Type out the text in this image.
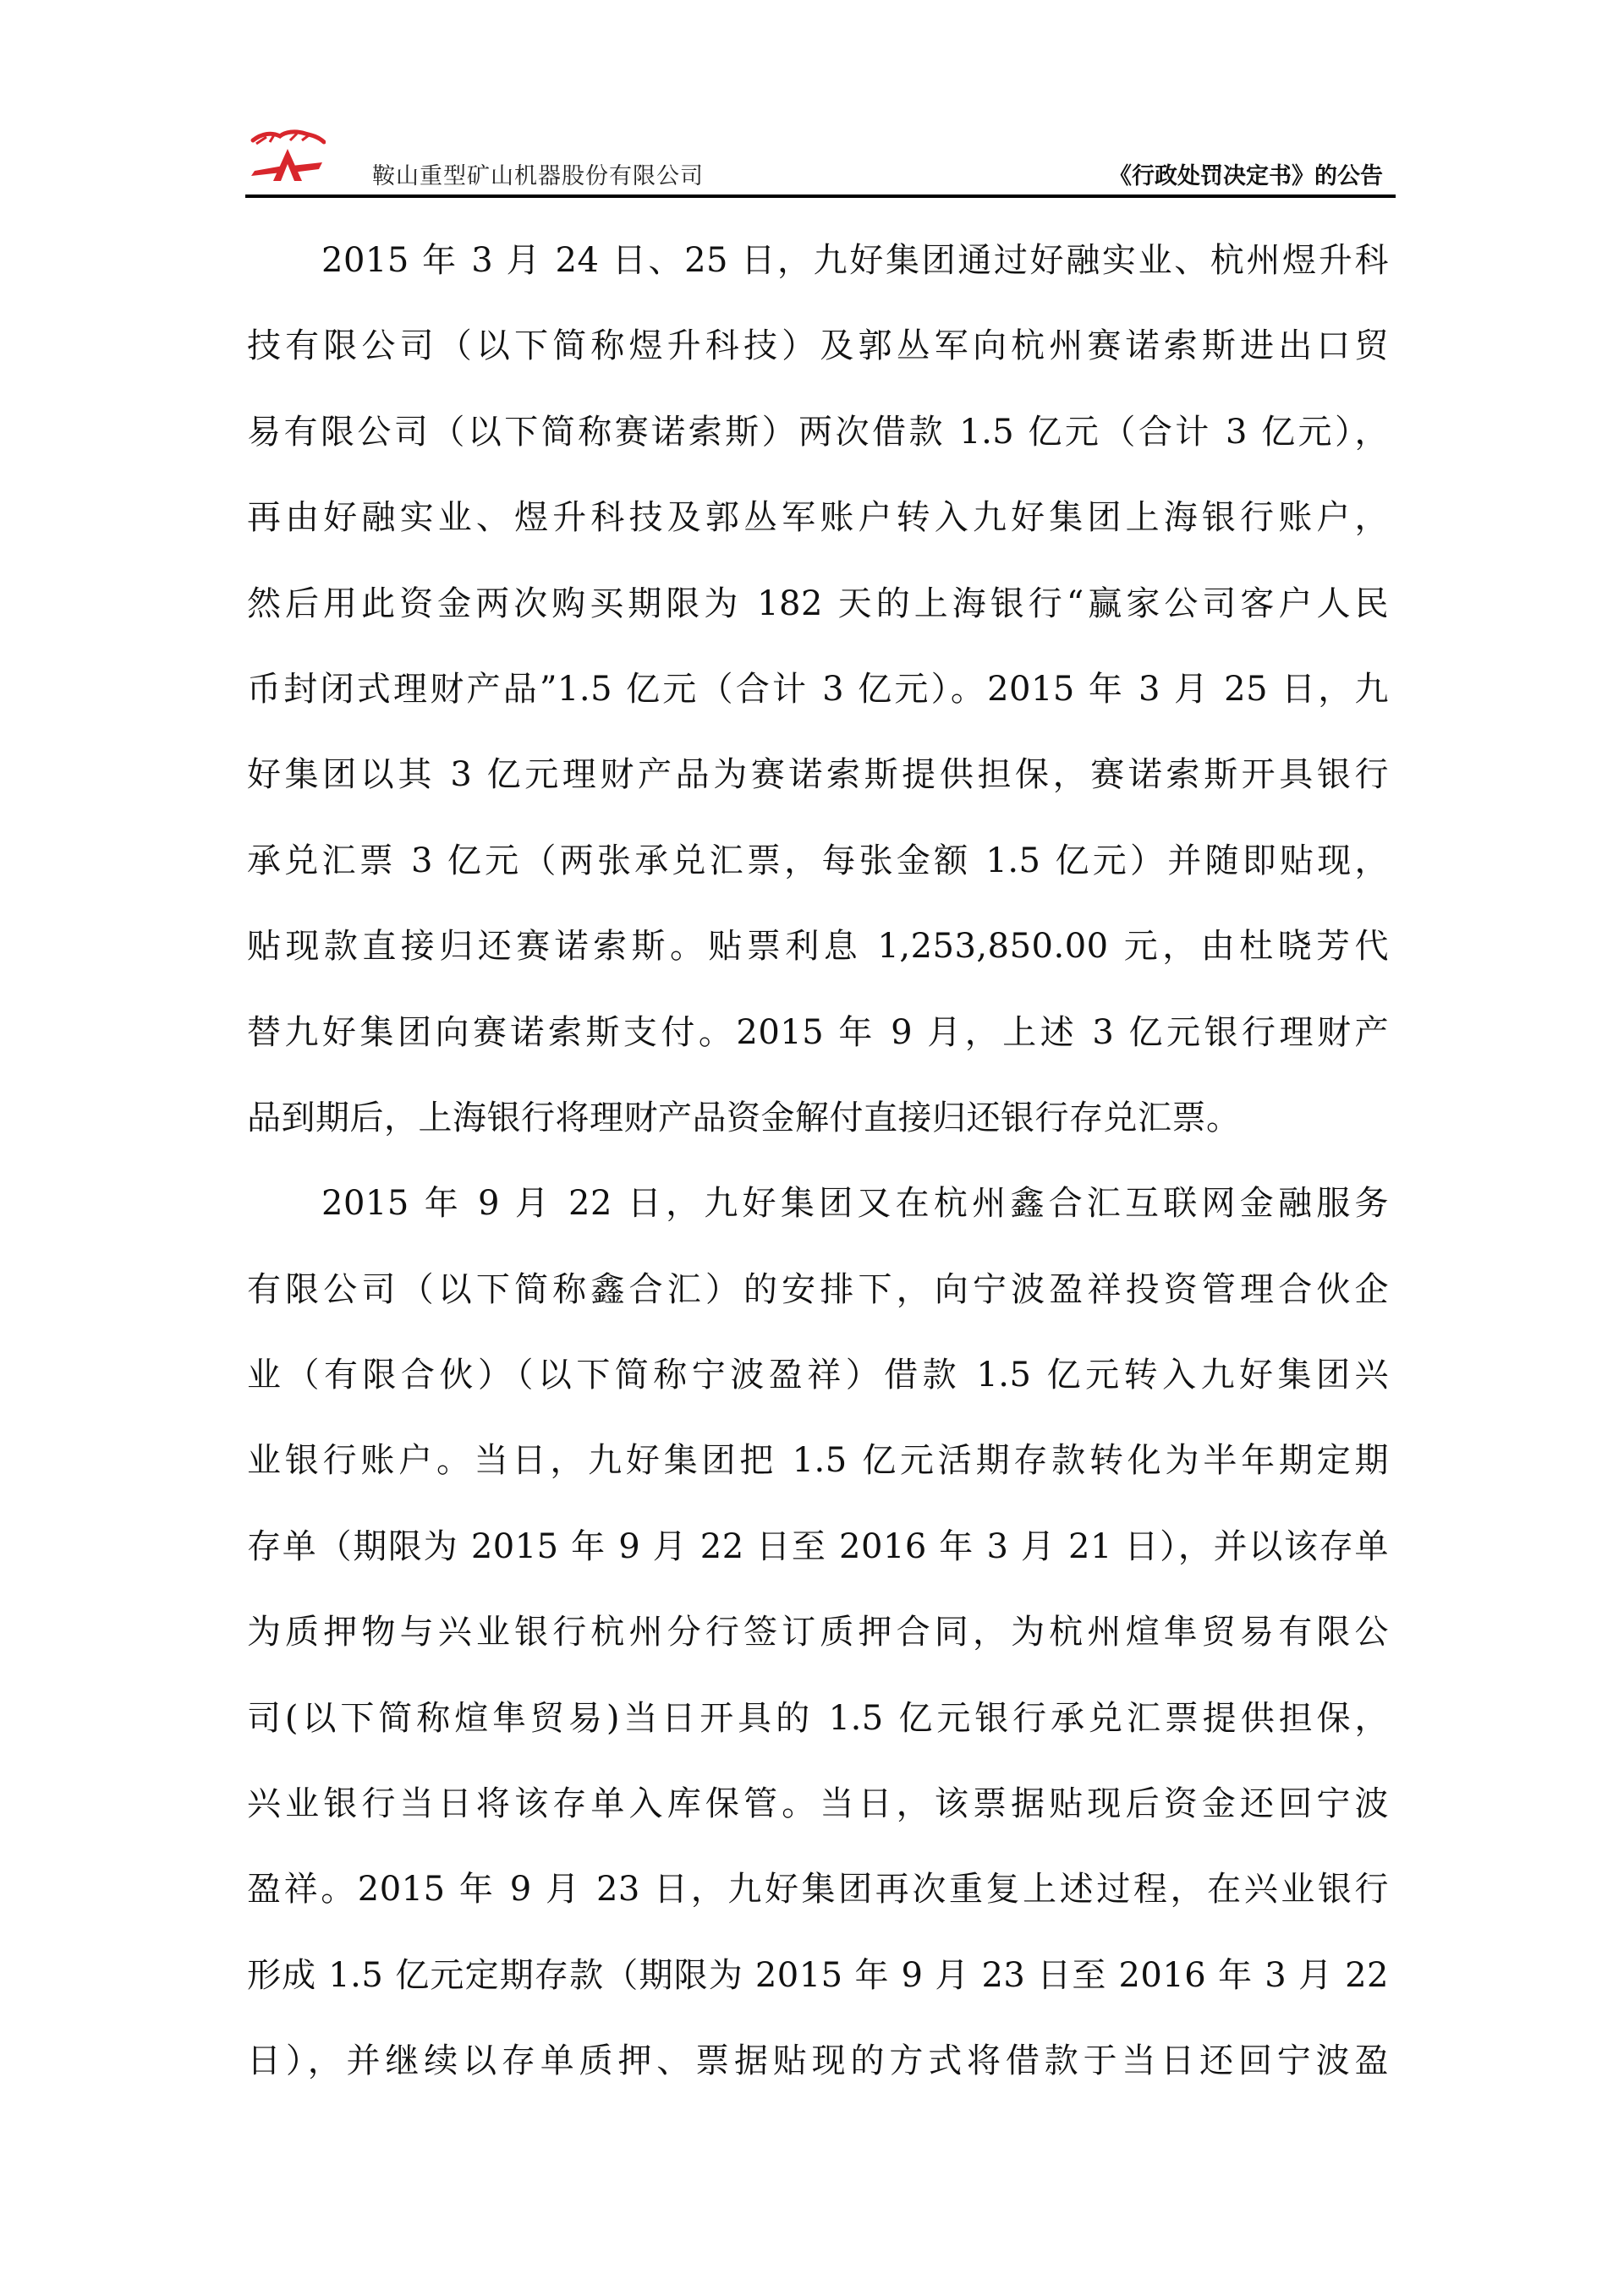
鞍山重型矿山机器股份有限公司	《行政处罚决定书》的公告
2015 年 3 月 24 日、25 日，九好集团通过好融实业、杭州煜升科
技有限公司（以下简称煜升科技）及郭丛军向杭州赛诺索斯进出口贸
易有限公司（以下简称赛诺索斯）两次借款 1.5 亿元（合计 3 亿元），
再由好融实业、煜升科技及郭丛军账户转入九好集团上海银行账户，
然后用此资金两次购买期限为 182 天的上海银行“赢家公司客户人民
币封闭式理财产品”1.5 亿元（合计 3 亿元）。2015 年 3 月 25 日，九
好集团以其 3 亿元理财产品为赛诺索斯提供担保，赛诺索斯开具银行
承兑汇票 3 亿元（两张承兑汇票，每张金额 1.5 亿元）并随即贴现，
贴现款直接归还赛诺索斯。贴票利息 1,253,850.00 元，由杜晓芳代
替九好集团向赛诺索斯支付。2015 年 9 月，上述 3 亿元银行理财产
品到期后，上海银行将理财产品资金解付直接归还银行存兑汇票。
2015 年 9 月 22 日，九好集团又在杭州鑫合汇互联网金融服务
有限公司（以下简称鑫合汇）的安排下，向宁波盈祥投资管理合伙企
业（有限合伙）（以下简称宁波盈祥）借款 1.5 亿元转入九好集团兴
业银行账户。当日，九好集团把 1.5 亿元活期存款转化为半年期定期
存单（期限为 2015 年 9 月 22 日至 2016 年 3 月 21 日），并以该存单
为质押物与兴业银行杭州分行签订质押合同，为杭州煊隼贸易有限公
司(以下简称煊隼贸易)当日开具的 1.5 亿元银行承兑汇票提供担保，
兴业银行当日将该存单入库保管。当日，该票据贴现后资金还回宁波
盈祥。2015 年 9 月 23 日，九好集团再次重复上述过程，在兴业银行
形成 1.5 亿元定期存款（期限为 2015 年 9 月 23 日至 2016 年 3 月 22
日），并继续以存单质押、票据贴现的方式将借款于当日还回宁波盈
